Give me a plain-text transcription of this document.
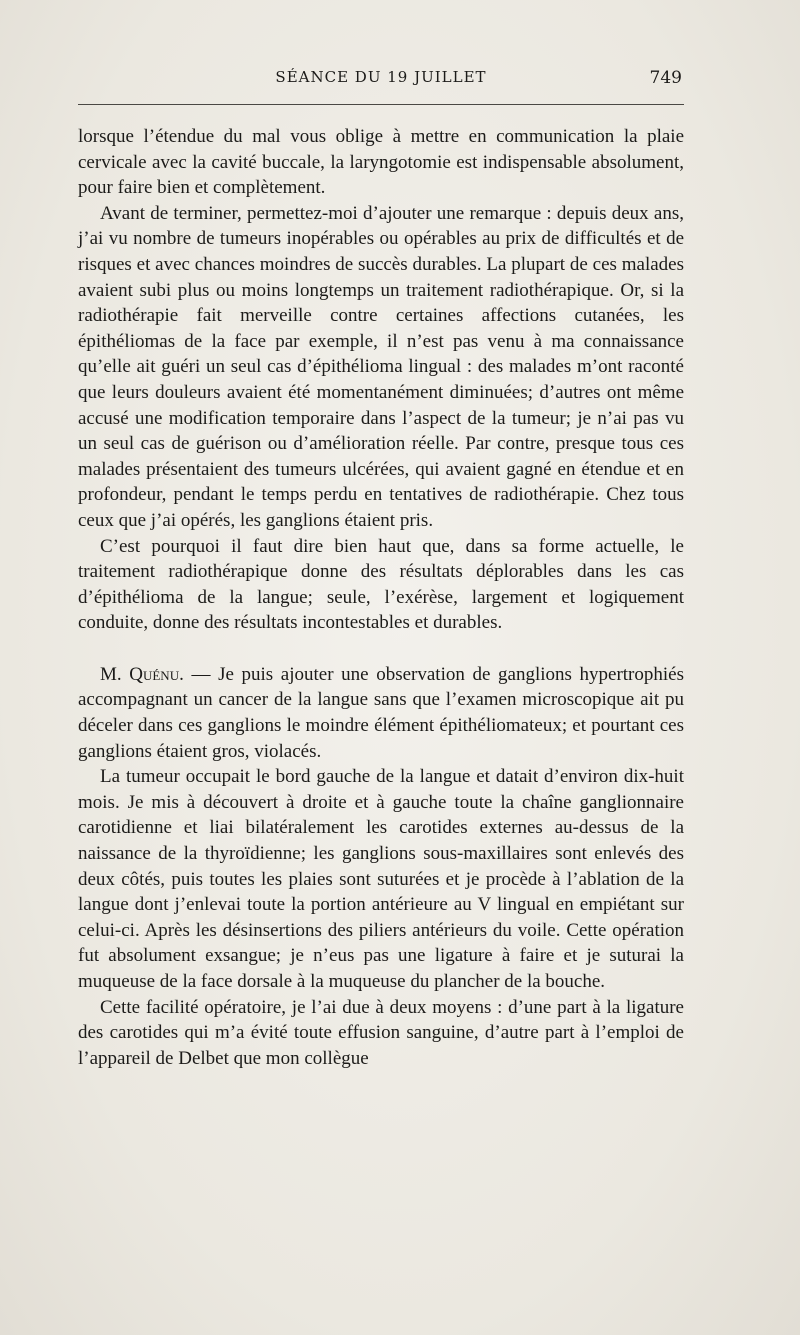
SÉANCE DU 19 JUILLET	749

lorsque l’étendue du mal vous oblige à mettre en communication la plaie cervicale avec la cavité buccale, la laryngotomie est indispensable absolument, pour faire bien et complètement.

Avant de terminer, permettez-moi d’ajouter une remarque : depuis deux ans, j’ai vu nombre de tumeurs inopérables ou opérables au prix de difficultés et de risques et avec chances moindres de succès durables. La plupart de ces malades avaient subi plus ou moins longtemps un traitement radiothérapique. Or, si la radiothérapie fait merveille contre certaines affections cutanées, les épithéliomas de la face par exemple, il n’est pas venu à ma connaissance qu’elle ait guéri un seul cas d’épithélioma lingual : des malades m’ont raconté que leurs douleurs avaient été momentanément diminuées; d’autres ont même accusé une modification temporaire dans l’aspect de la tumeur; je n’ai pas vu un seul cas de guérison ou d’amélioration réelle. Par contre, presque tous ces malades présentaient des tumeurs ulcérées, qui avaient gagné en étendue et en profondeur, pendant le temps perdu en tentatives de radiothérapie. Chez tous ceux que j’ai opérés, les ganglions étaient pris.

C’est pourquoi il faut dire bien haut que, dans sa forme actuelle, le traitement radiothérapique donne des résultats déplorables dans les cas d’épithélioma de la langue; seule, l’exérèse, largement et logiquement conduite, donne des résultats incontestables et durables.

M. Quénu. — Je puis ajouter une observation de ganglions hypertrophiés accompagnant un cancer de la langue sans que l’examen microscopique ait pu déceler dans ces ganglions le moindre élément épithéliomateux; et pourtant ces ganglions étaient gros, violacés.

La tumeur occupait le bord gauche de la langue et datait d’environ dix-huit mois. Je mis à découvert à droite et à gauche toute la chaîne ganglionnaire carotidienne et liai bilatéralement les carotides externes au-dessus de la naissance de la thyroïdienne; les ganglions sous-maxillaires sont enlevés des deux côtés, puis toutes les plaies sont suturées et je procède à l’ablation de la langue dont j’enlevai toute la portion antérieure au V lingual en empiétant sur celui-ci. Après les désinsertions des piliers antérieurs du voile. Cette opération fut absolument exsangue; je n’eus pas une ligature à faire et je suturai la muqueuse de la face dorsale à la muqueuse du plancher de la bouche.

Cette facilité opératoire, je l’ai due à deux moyens : d’une part à la ligature des carotides qui m’a évité toute effusion sanguine, d’autre part à l’emploi de l’appareil de Delbet que mon collègue
